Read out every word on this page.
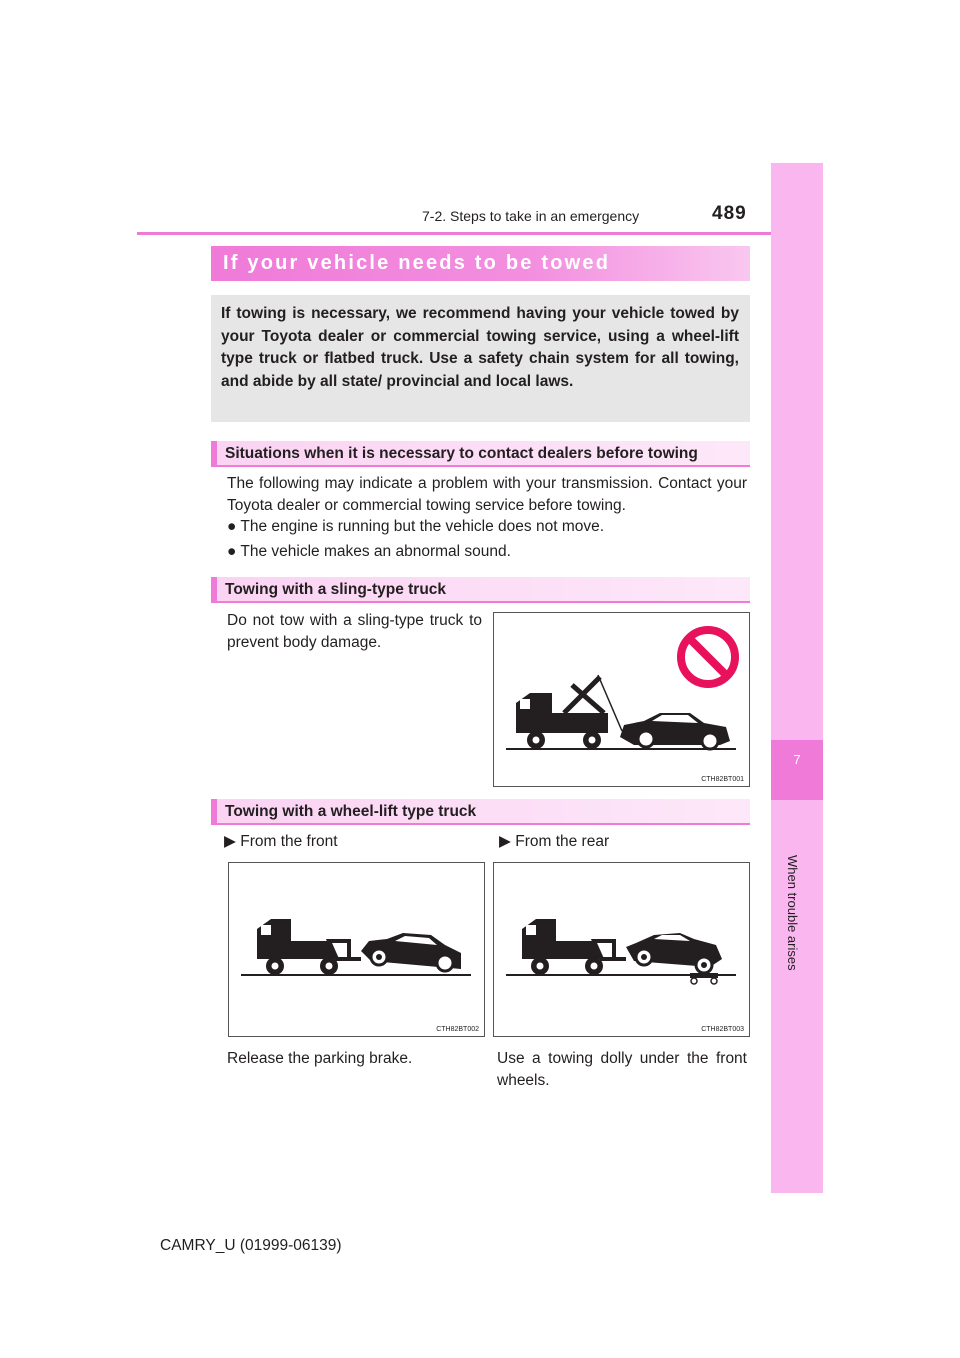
7-2. Steps to take in an emergency	489
7
When trouble arises
If your vehicle needs to be towed

If towing is necessary, we recommend having your vehicle towed by your Toyota dealer or commercial towing service, using a wheel-lift type truck or flatbed truck. Use a safety chain system for all towing, and abide by all state/ provincial and local laws.

Situations when it is necessary to contact dealers before towing
The following may indicate a problem with your transmission. Contact your Toyota dealer or commercial towing service before towing.
● The engine is running but the vehicle does not move.
● The vehicle makes an abnormal sound.
Towing with a sling-type truck
Do not tow with a sling-type truck to prevent body damage.
CTH82BT001
Towing with a wheel-lift type truck
▶ From the front	▶ From the rear
CTH82BT002	CTH82BT003
Release the parking brake.	Use a towing dolly under the front wheels.
CAMRY_U (01999-06139)
